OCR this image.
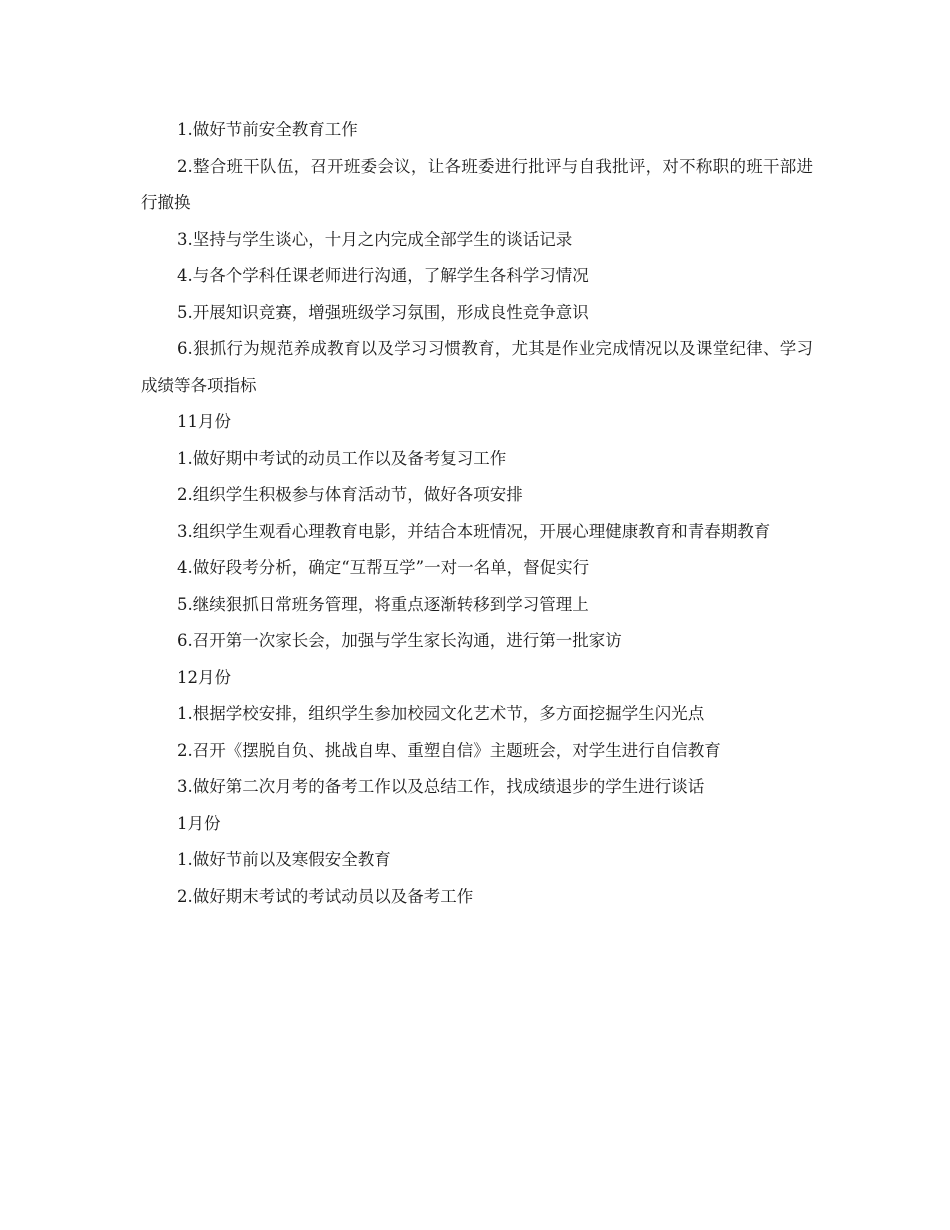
1.做好节前安全教育工作

2.整合班干队伍，召开班委会议，让各班委进行批评与自我批评，对不称职的班干部进行撤换

3.坚持与学生谈心，十月之内完成全部学生的谈话记录

4.与各个学科任课老师进行沟通，了解学生各科学习情况

5.开展知识竞赛，增强班级学习氛围，形成良性竞争意识

6.狠抓行为规范养成教育以及学习习惯教育，尤其是作业完成情况以及课堂纪律、学习成绩等各项指标

11月份

1.做好期中考试的动员工作以及备考复习工作

2.组织学生积极参与体育活动节，做好各项安排

3.组织学生观看心理教育电影，并结合本班情况，开展心理健康教育和青春期教育

4.做好段考分析，确定“互帮互学”一对一名单，督促实行

5.继续狠抓日常班务管理，将重点逐渐转移到学习管理上

6.召开第一次家长会，加强与学生家长沟通，进行第一批家访

12月份

1.根据学校安排，组织学生参加校园文化艺术节，多方面挖掘学生闪光点

2.召开《摆脱自负、挑战自卑、重塑自信》主题班会，对学生进行自信教育

3.做好第二次月考的备考工作以及总结工作，找成绩退步的学生进行谈话

1月份

1.做好节前以及寒假安全教育

2.做好期末考试的考试动员以及备考工作
